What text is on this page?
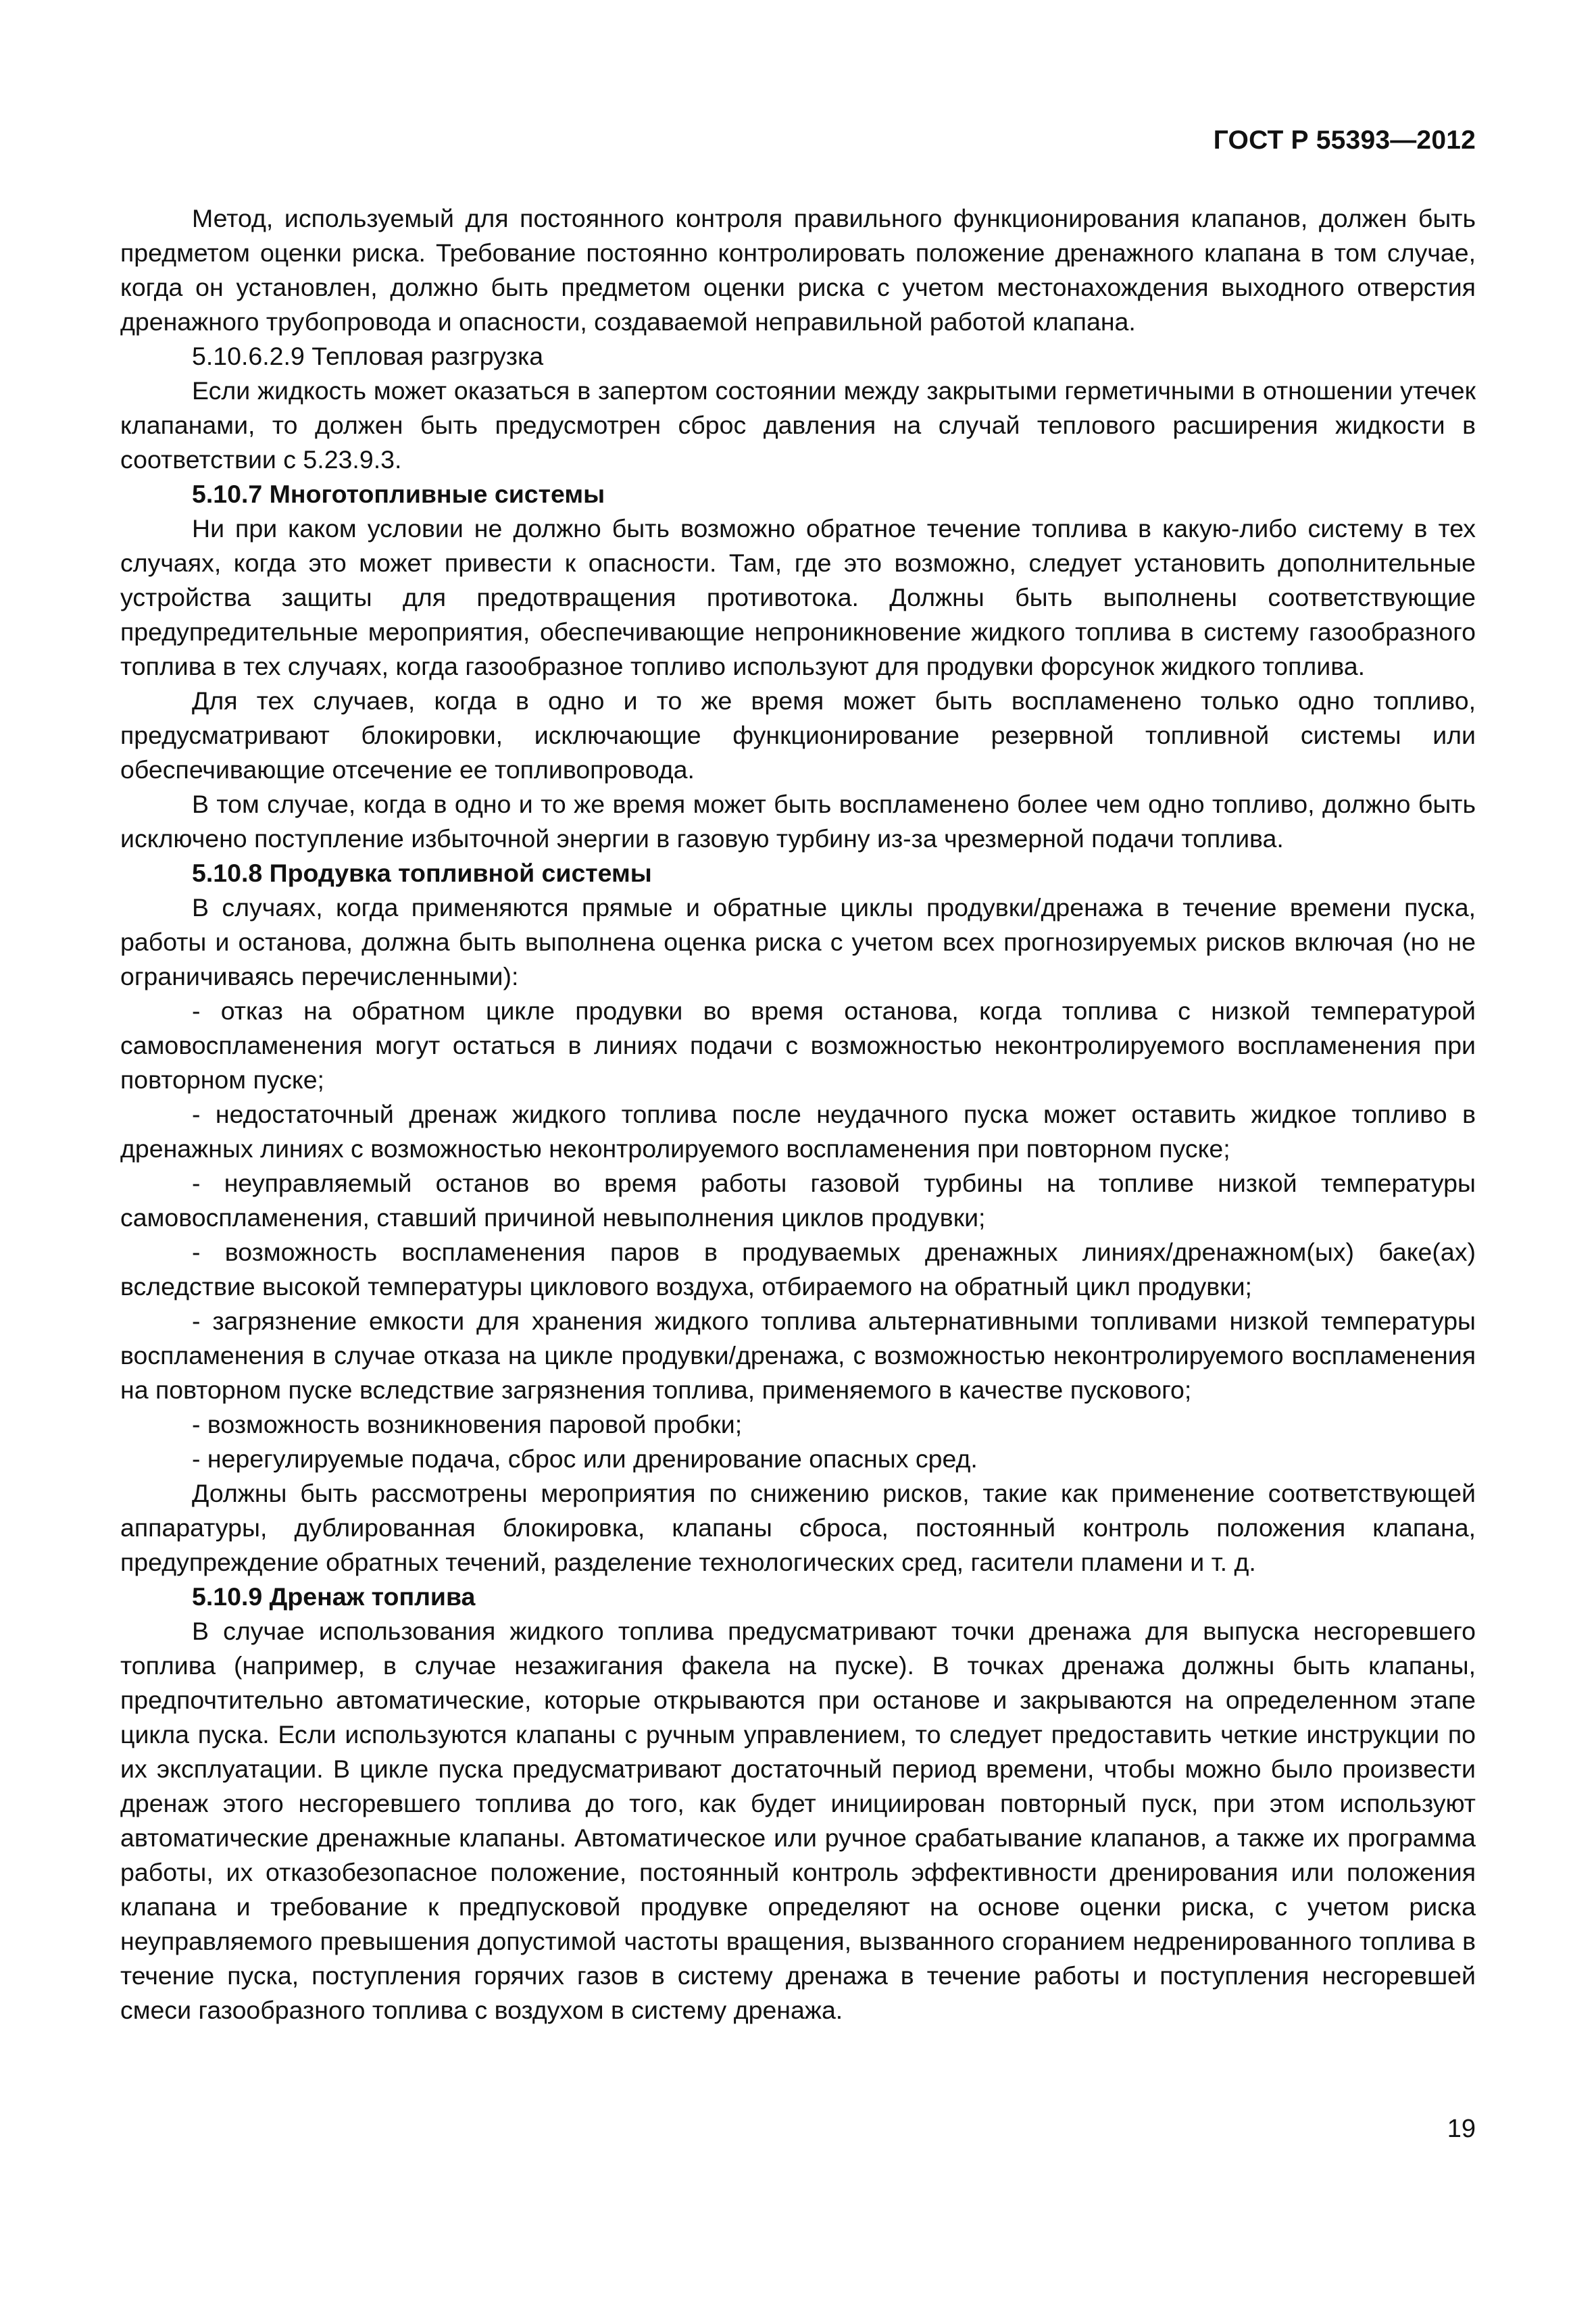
ГОСТ Р 55393—2012

Метод, используемый для постоянного контроля правильного функционирования клапанов, должен быть предметом оценки риска. Требование постоянно контролировать положение дренажного клапана в том случае, когда он установлен, должно быть предметом оценки риска с учетом местонахождения выходного отверстия дренажного трубопровода и опасности, создаваемой неправильной работой клапана.

5.10.6.2.9 Тепловая разгрузка

Если жидкость может оказаться в запертом состоянии между закрытыми герметичными в отношении утечек клапанами, то должен быть предусмотрен сброс давления на случай теплового расширения жидкости в соответствии с 5.23.9.3.

5.10.7 Многотопливные системы

Ни при каком условии не должно быть возможно обратное течение топлива в какую-либо систему в тех случаях, когда это может привести к опасности. Там, где это возможно, следует установить дополнительные устройства защиты для предотвращения противотока. Должны быть выполнены соответствующие предупредительные мероприятия, обеспечивающие непроникновение жидкого топлива в систему газообразного топлива в тех случаях, когда газообразное топливо используют для продувки форсунок жидкого топлива.

Для тех случаев, когда в одно и то же время может быть воспламенено только одно топливо, предусматривают блокировки, исключающие функционирование резервной топливной системы или обеспечивающие отсечение ее топливопровода.

В том случае, когда в одно и то же время может быть воспламенено более чем одно топливо, должно быть исключено поступление избыточной энергии в газовую турбину из-за чрезмерной подачи топлива.

5.10.8 Продувка топливной системы

В случаях, когда применяются прямые и обратные циклы продувки/дренажа в течение времени пуска, работы и останова, должна быть выполнена оценка риска с учетом всех прогнозируемых рисков включая (но не ограничиваясь перечисленными):

- отказ на обратном цикле продувки во время останова, когда топлива с низкой температурой самовоспламенения могут остаться в линиях подачи с возможностью неконтролируемого воспламенения при повторном пуске;

- недостаточный дренаж жидкого топлива после неудачного пуска может оставить жидкое топливо в дренажных линиях с возможностью неконтролируемого воспламенения при повторном пуске;

- неуправляемый останов во время работы газовой турбины на топливе низкой температуры самовоспламенения, ставший причиной невыполнения циклов продувки;

- возможность воспламенения паров в продуваемых дренажных линиях/дренажном(ых) баке(ах) вследствие высокой температуры циклового воздуха, отбираемого на обратный цикл продувки;

- загрязнение емкости для хранения жидкого топлива альтернативными топливами низкой температуры воспламенения в случае отказа на цикле продувки/дренажа, с возможностью неконтролируемого воспламенения на повторном пуске вследствие загрязнения топлива, применяемого в качестве пускового;

- возможность возникновения паровой пробки;

- нерегулируемые подача, сброс или дренирование опасных сред.

Должны быть рассмотрены мероприятия по снижению рисков, такие как применение соответствующей аппаратуры, дублированная блокировка, клапаны сброса, постоянный контроль положения клапана, предупреждение обратных течений, разделение технологических сред, гасители пламени и т. д.

5.10.9 Дренаж топлива

В случае использования жидкого топлива предусматривают точки дренажа для выпуска несгоревшего топлива (например, в случае незажигания факела на пуске). В точках дренажа должны быть клапаны, предпочтительно автоматические, которые открываются при останове и закрываются на определенном этапе цикла пуска. Если используются клапаны с ручным управлением, то следует предоставить четкие инструкции по их эксплуатации. В цикле пуска предусматривают достаточный период времени, чтобы можно было произвести дренаж этого несгоревшего топлива до того, как будет инициирован повторный пуск, при этом используют автоматические дренажные клапаны. Автоматическое или ручное срабатывание клапанов, а также их программа работы, их отказобезопасное положение, постоянный контроль эффективности дренирования или положения клапана и требование к предпусковой продувке определяют на основе оценки риска, с учетом риска неуправляемого превышения допустимой частоты вращения, вызванного сгоранием недренированного топлива в течение пуска, поступления горячих газов в систему дренажа в течение работы и поступления несгоревшей смеси газообразного топлива с воздухом в систему дренажа.

19
